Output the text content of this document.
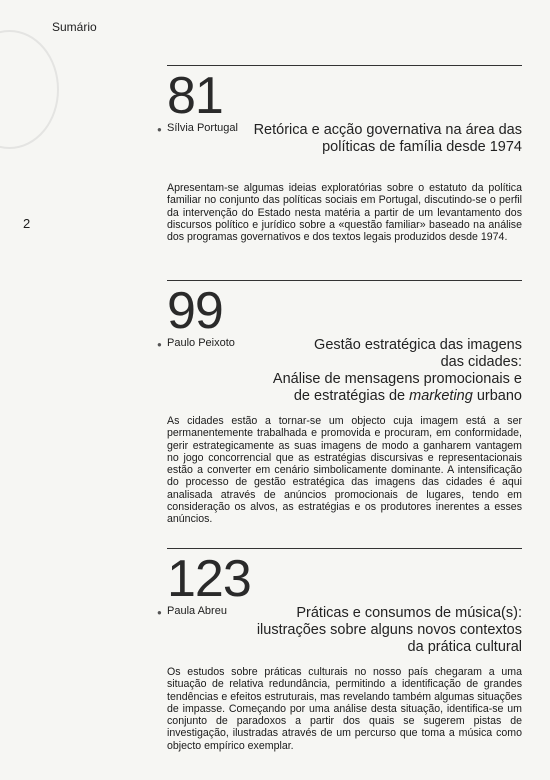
Sumário
2
81
● Sílvia Portugal	Retórica e acção governativa na área das
políticas de família desde 1974
Apresentam-se algumas ideias exploratórias sobre o estatuto da política familiar no conjunto das políticas sociais em Portugal, discutindo-se o perfil da intervenção do Estado nesta matéria a partir de um levantamento dos discursos político e jurídico sobre a «questão familiar» baseado na análise dos programas governativos e dos textos legais produzidos desde 1974.
99
● Paulo Peixoto	Gestão estratégica das imagens
das cidades:
Análise de mensagens promocionais e
de estratégias de marketing urbano
As cidades estão a tornar-se um objecto cuja imagem está a ser permanentemente trabalhada e promovida e procuram, em conformidade, gerir estrategicamente as suas imagens de modo a ganharem vantagem no jogo concorrencial que as estratégias discursivas e representacionais estão a converter em cenário simbolicamente dominante. A intensificação do processo de gestão estratégica das imagens das cidades é aqui analisada através de anúncios promocionais de lugares, tendo em consideração os alvos, as estratégias e os produtores inerentes a esses anúncios.
123
● Paula Abreu	Práticas e consumos de música(s):
ilustrações sobre alguns novos contextos
da prática cultural
Os estudos sobre práticas culturais no nosso país chegaram a uma situação de relativa redundância, permitindo a identificação de grandes tendências e efeitos estruturais, mas revelando também algumas situações de impasse. Começando por uma análise desta situação, identifica-se um conjunto de paradoxos a partir dos quais se sugerem pistas de investigação, ilustradas através de um percurso que toma a música como objecto empírico exemplar.
